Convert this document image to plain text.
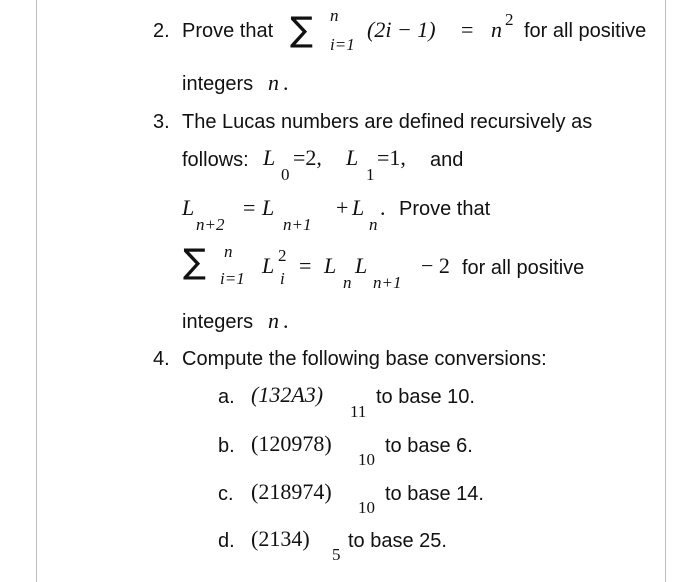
2. Prove that ∑ n
i=1
(2i − 1) = n 2
for all positive
integers n .
3. The Lucas numbers are defined recursively as
follows: L
0
=2, L
1
=1, and
L
n+2
= L
n+1
+ L
n
. Prove that
∑ n
i=1
L 2
i
= L
n
L
n+1
− 2 for all positive
integers n .
4. Compute the following base conversions:
a. (132A3)
11
to base 10.
b. (120978)
10
to base 6.
c. (218974)
10
to base 14.
d. (2134)
5
to base 25.
